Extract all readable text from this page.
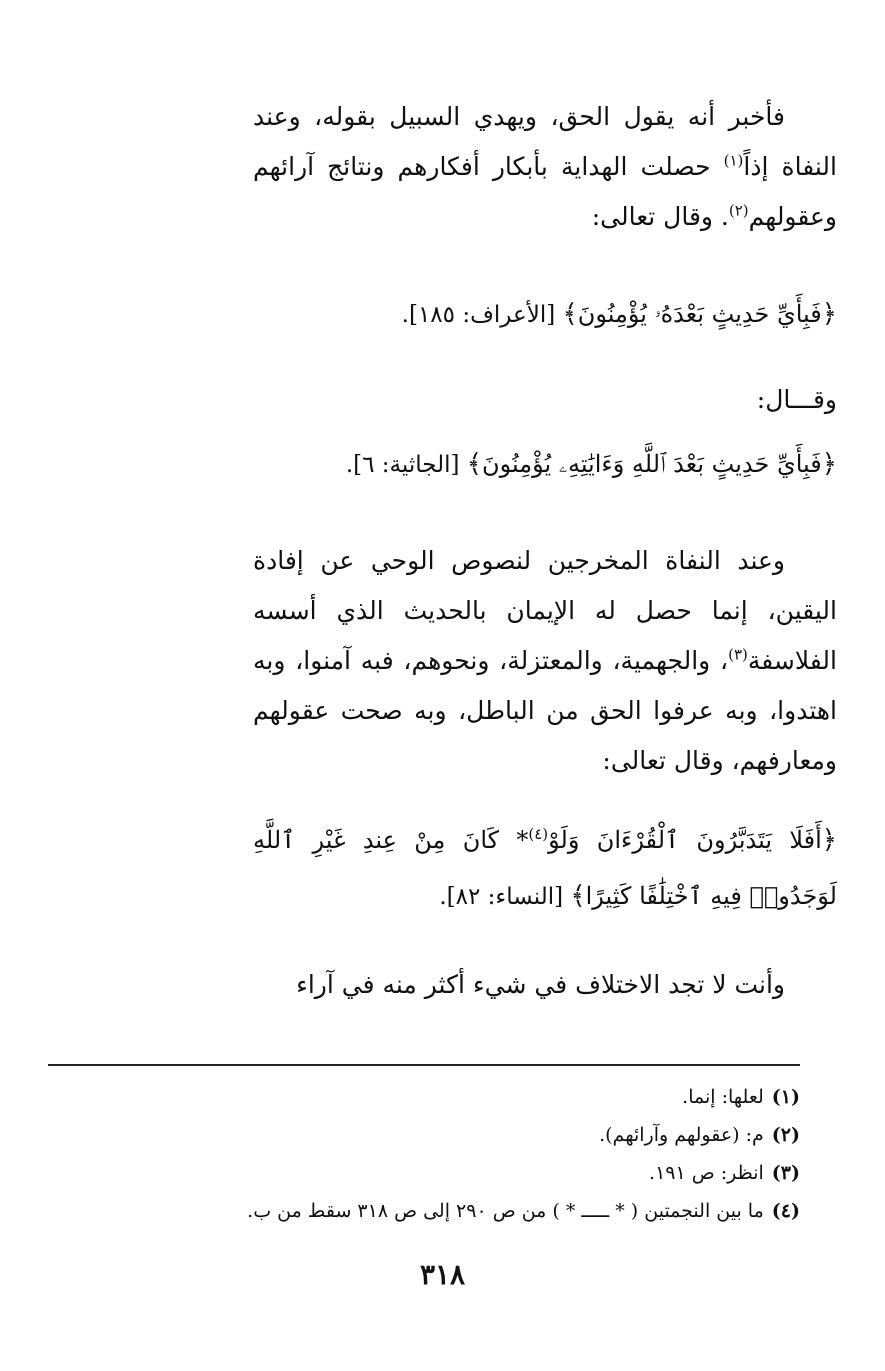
فأخبر أنه يقول الحق، ويهدي السبيل بقوله، وعند النفاة إذاً$^{(١)}$ حصلت الهداية بأبكار أفكارهم ونتائج آرائهم وعقولهم$^{(٢)}$. وقال تعالى:

﴿فَبِأَيِّ حَدِيثٍ بَعْدَهُۥ يُؤْمِنُونَ﴾ [الأعراف: ١٨٥].

وقـــال:

﴿فَبِأَيِّ حَدِيثٍ بَعْدَ ٱللَّهِ وَءَايَٰتِهِۦ يُؤْمِنُونَ﴾ [الجاثية: ٦].

وعند النفاة المخرجين لنصوص الوحي عن إفادة اليقين، إنما حصل له الإيمان بالحديث الذي أسسه الفلاسفة$^{(٣)}$، والجهمية، والمعتزلة، ونحوهم، فبه آمنوا، وبه اهتدوا، وبه عرفوا الحق من الباطل، وبه صحت عقولهم ومعارفهم، وقال تعالى:

﴿أَفَلَا يَتَدَبَّرُونَ ٱلْقُرْءَانَ وَلَوْ$^{(٤)}$* كَانَ مِنْ عِندِ غَيْرِ ٱللَّهِ لَوَجَدُوا۟ فِيهِ ٱخْتِلَٰفًا كَثِيرًا﴾ [النساء: ٨٢].

وأنت لا تجد الاختلاف في شيء أكثر منه في آراء

(١)لعلها: إنما.
(٢)م: (عقولهم وآرائهم).
(٣)انظر: ص ١٩١.
(٤)ما بين النجمتين ( * ـــــ * ) من ص ٢٩٠ إلى ص ٣١٨ سقط من ب.
٣١٨
